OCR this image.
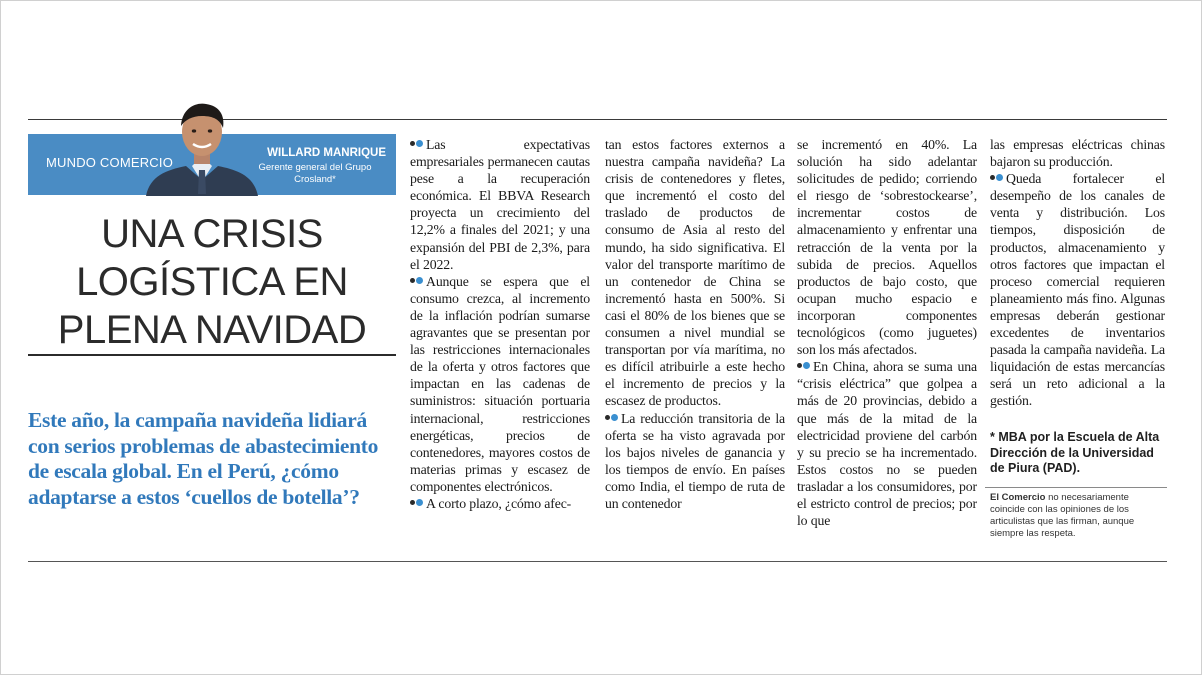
MUNDO COMERCIO
WILLARD MANRIQUE
Gerente general del Grupo Crosland*
UNA CRISIS
LOGÍSTICA EN
PLENA NAVIDAD
Este año, la campaña navideña lidiará con serios problemas de abastecimiento de escala global. En el Perú, ¿cómo adaptarse a estos ‘cuellos de botella’?

Las expectativas empresariales permanecen cautas pese a la recuperación económica. El BBVA Research proyecta un crecimiento del 12,2% a finales del 2021; y una expansión del PBI de 2,3%, para el 2022.

Aunque se espera que el consumo crezca, al incremento de la inflación podrían sumarse agravantes que se presentan por las restricciones internacionales de la oferta y otros factores que impactan en las cadenas de suministros: situación portuaria internacional, restricciones energéticas, precios de contenedores, mayores costos de materias primas y escasez de componentes electrónicos.

A corto plazo, ¿cómo afec-

tan estos factores externos a nuestra campaña navideña? La crisis de contenedores y fletes, que incrementó el costo del traslado de productos de consumo de Asia al resto del mundo, ha sido significativa. El valor del transporte marítimo de un contenedor de China se incrementó hasta en 500%. Si casi el 80% de los bienes que se consumen a nivel mundial se transportan por vía marítima, no es difícil atribuirle a este hecho el incremento de precios y la escasez de productos.

La reducción transitoria de la oferta se ha visto agravada por los bajos niveles de ganancia y los tiempos de envío. En países como India, el tiempo de ruta de un contenedor

se incrementó en 40%. La solución ha sido adelantar solicitudes de pedido; corriendo el riesgo de ‘sobrestockearse’, incrementar costos de almacenamiento y enfrentar una retracción de la venta por la subida de precios. Aquellos productos de bajo costo, que ocupan mucho espacio e incorporan componentes tecnológicos (como juguetes) son los más afectados.

En China, ahora se suma una “crisis eléctrica” que golpea a más de 20 provincias, debido a que más de la mitad de la electricidad proviene del carbón y su precio se ha incrementado. Estos costos no se pueden trasladar a los consumidores, por el estricto control de precios; por lo que

las empresas eléctricas chinas bajaron su producción.

Queda fortalecer el desempeño de los canales de venta y distribución. Los tiempos, disposición de productos, almacenamiento y otros factores que impactan el proceso comercial requieren planeamiento más fino. Algunas empresas deberán gestionar excedentes de inventarios pasada la campaña navideña. La liquidación de estas mercancías será un reto adicional a la gestión.

* MBA por la Escuela de Alta Dirección de la Universidad de Piura (PAD).
El Comercio no necesariamente coincide con las opiniones de los articulistas que las firman, aunque siempre las respeta.
